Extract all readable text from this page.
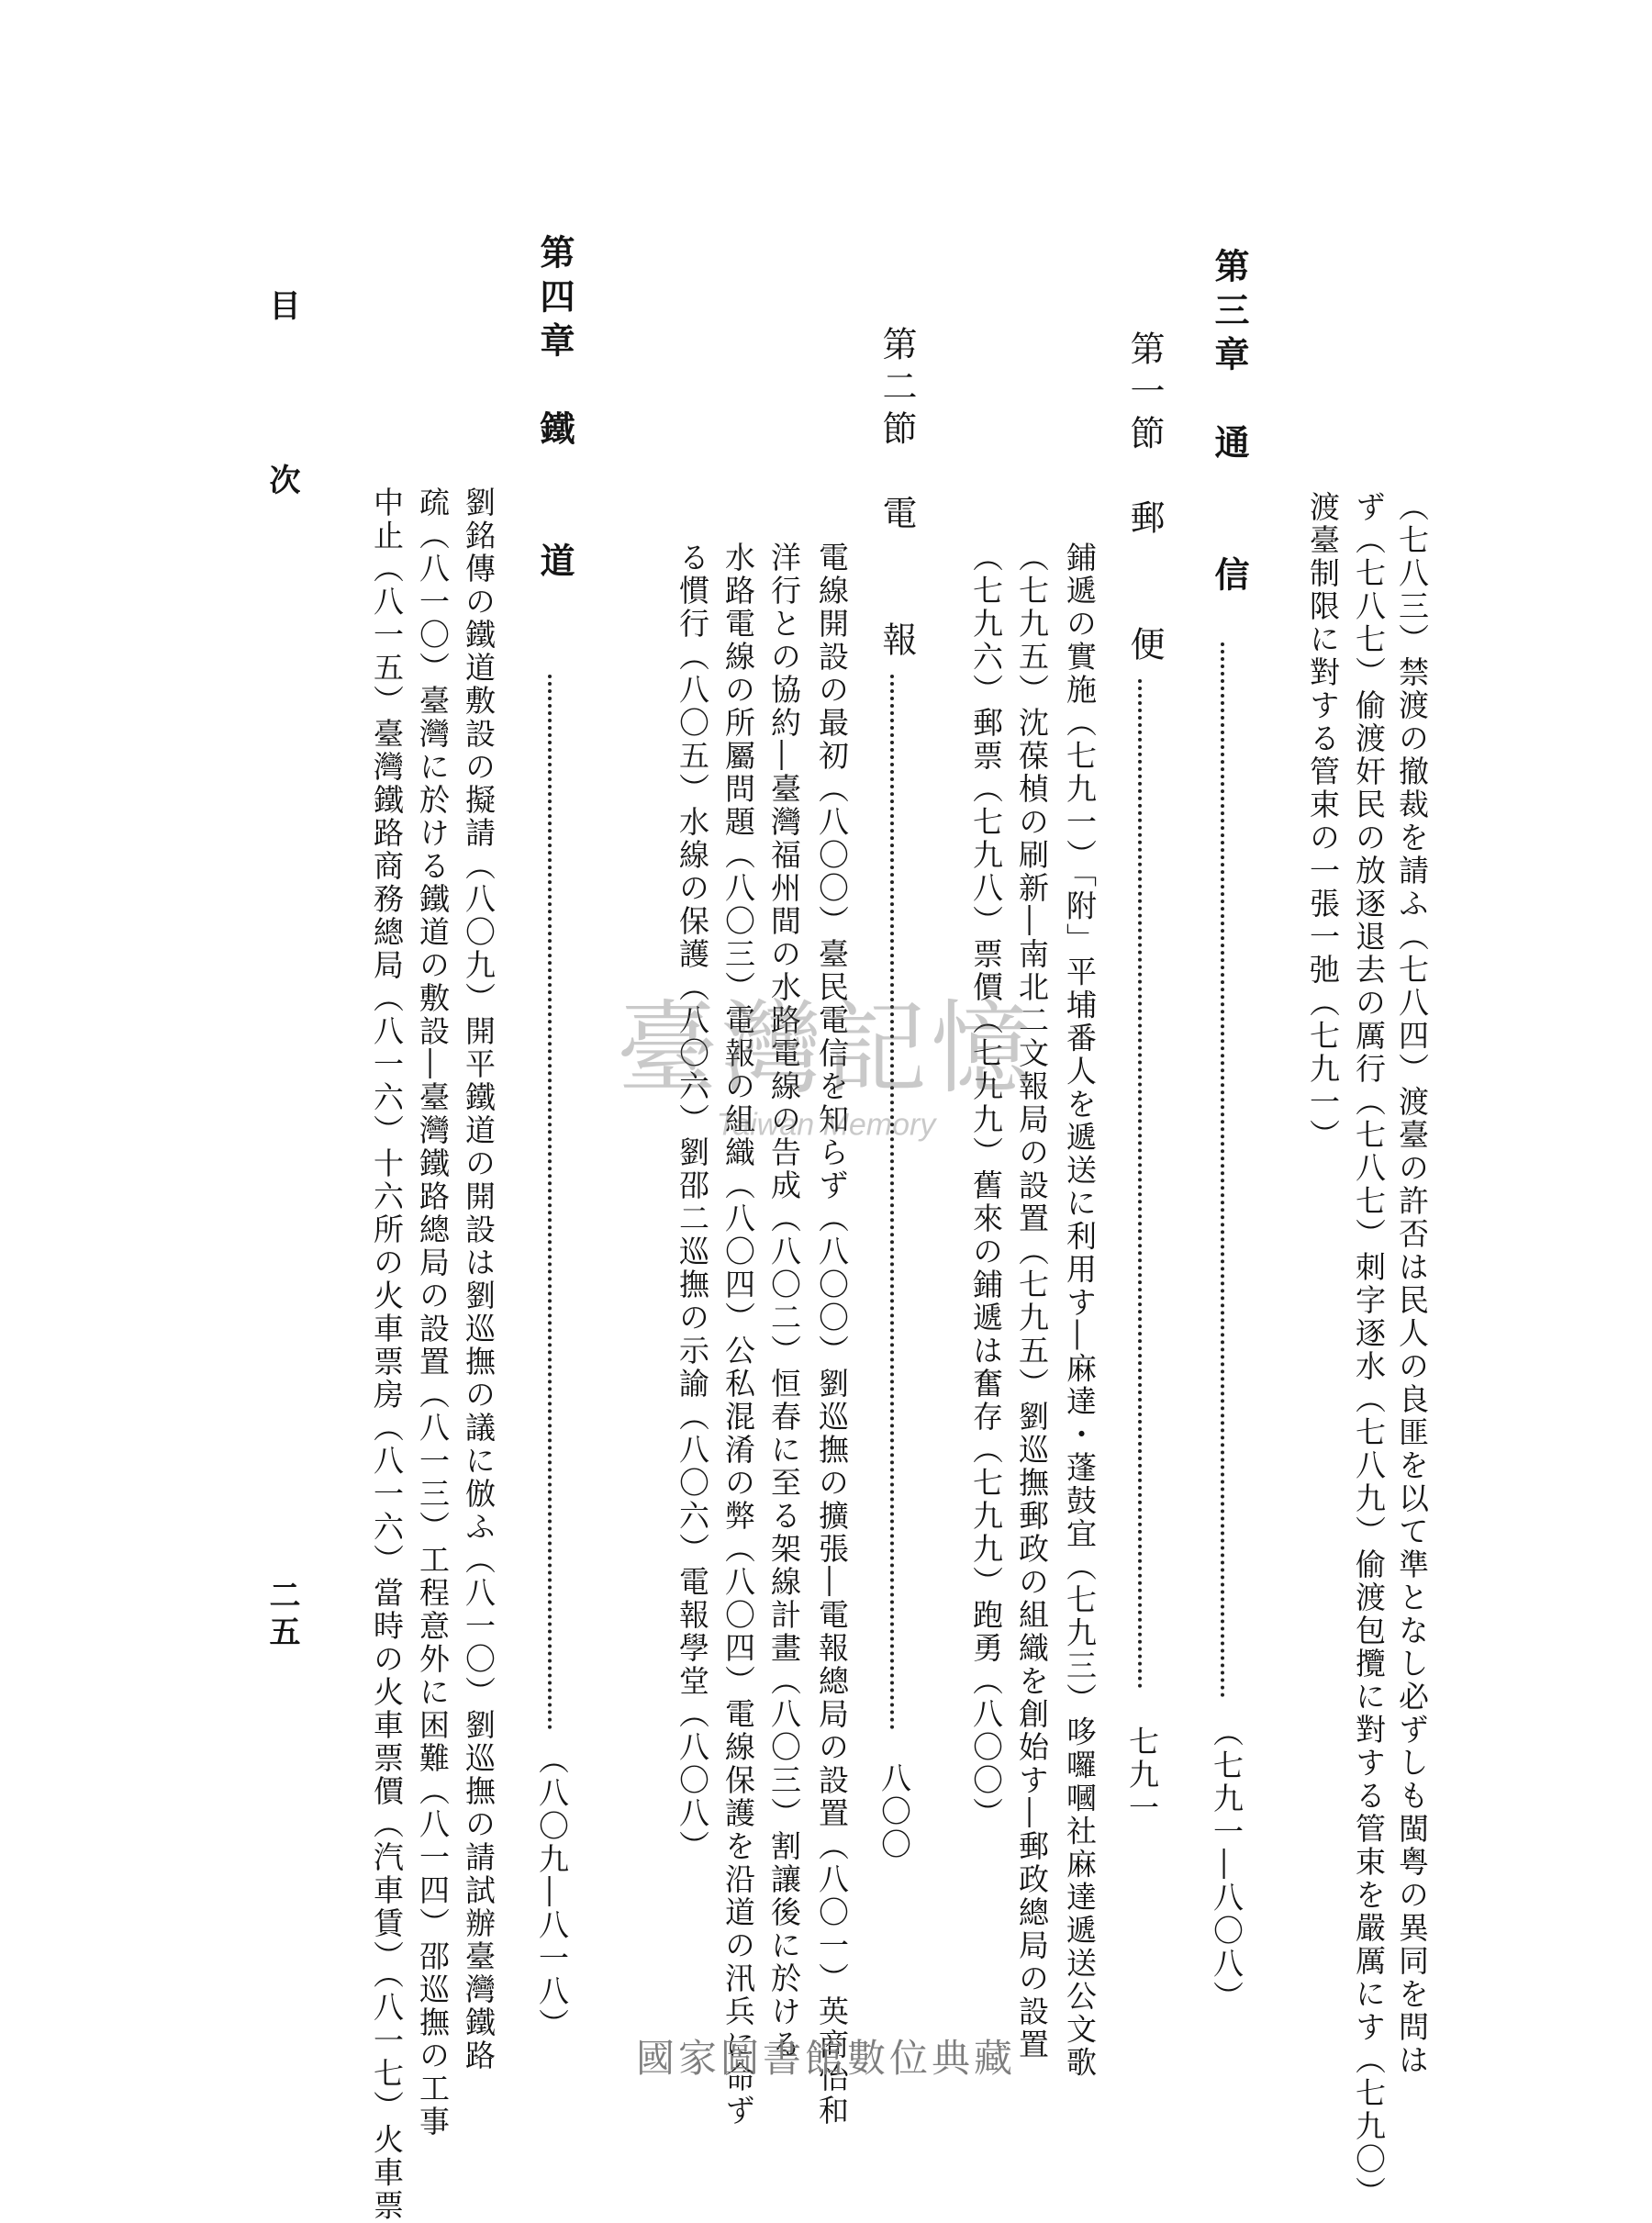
目　　　　次
二五	（七八三）禁渡の撤裁を請ふ（七八四）渡臺の許否は民人の良匪を以て準となし必ずしも閩粤の異同を問は
ず（七八七）偷渡奸民の放逐退去の厲行（七八七）刺字逐水（七八九）偷渡包攬に對する管束を嚴厲にす（七九〇）
渡臺制限に對する管束の一張一弛（七九一）
第三章　通　　信
（七九一―八〇八）
第一節　郵　　便
七九一
鋪遞の實施（七九一）「附」平埔番人を遞送に利用す―麻達・蓬鼓宜（七九三）哆囉嘓社麻達遞送公文歌
（七九五）沈葆楨の刷新―南北二文報局の設置（七九五）劉巡撫郵政の組織を創始す―郵政總局の設置
（七九六）郵票（七九八）票價（七九九）舊來の鋪遞は奮存（七九九）跑勇（八〇〇）
第二節　電　　報
八〇〇
電線開設の最初（八〇〇）臺民電信を知らず（八〇〇）劉巡撫の擴張―電報總局の設置（八〇一）英商怡和
洋行との協約―臺灣福州間の水路電線の告成（八〇二）恒春に至る架線計畫（八〇三）割讓後に於ける
水路電線の所屬問題（八〇三）電報の組織（八〇四）公私混淆の弊（八〇四）電線保護を沿道の汛兵に命ず
る慣行（八〇五）水線の保護（八〇六）劉邵二巡撫の示諭（八〇六）電報學堂（八〇八）
第四章　鐵　　道
（八〇九―八一八）
劉銘傳の鐵道敷設の擬請（八〇九）開平鐵道の開設は劉巡撫の議に倣ふ（八一〇）劉巡撫の請試辦臺灣鐵路
疏（八一〇）臺灣に於ける鐵道の敷設―臺灣鐵路總局の設置（八一三）工程意外に困難（八一四）邵巡撫の工事
中止（八一五）臺灣鐵路商務總局（八一六）十六所の火車票房（八一六）當時の火車票價（汽車賃）（八一七）火車票 臺灣記憶
Taiwan Memory
國家圖書館數位典藏
